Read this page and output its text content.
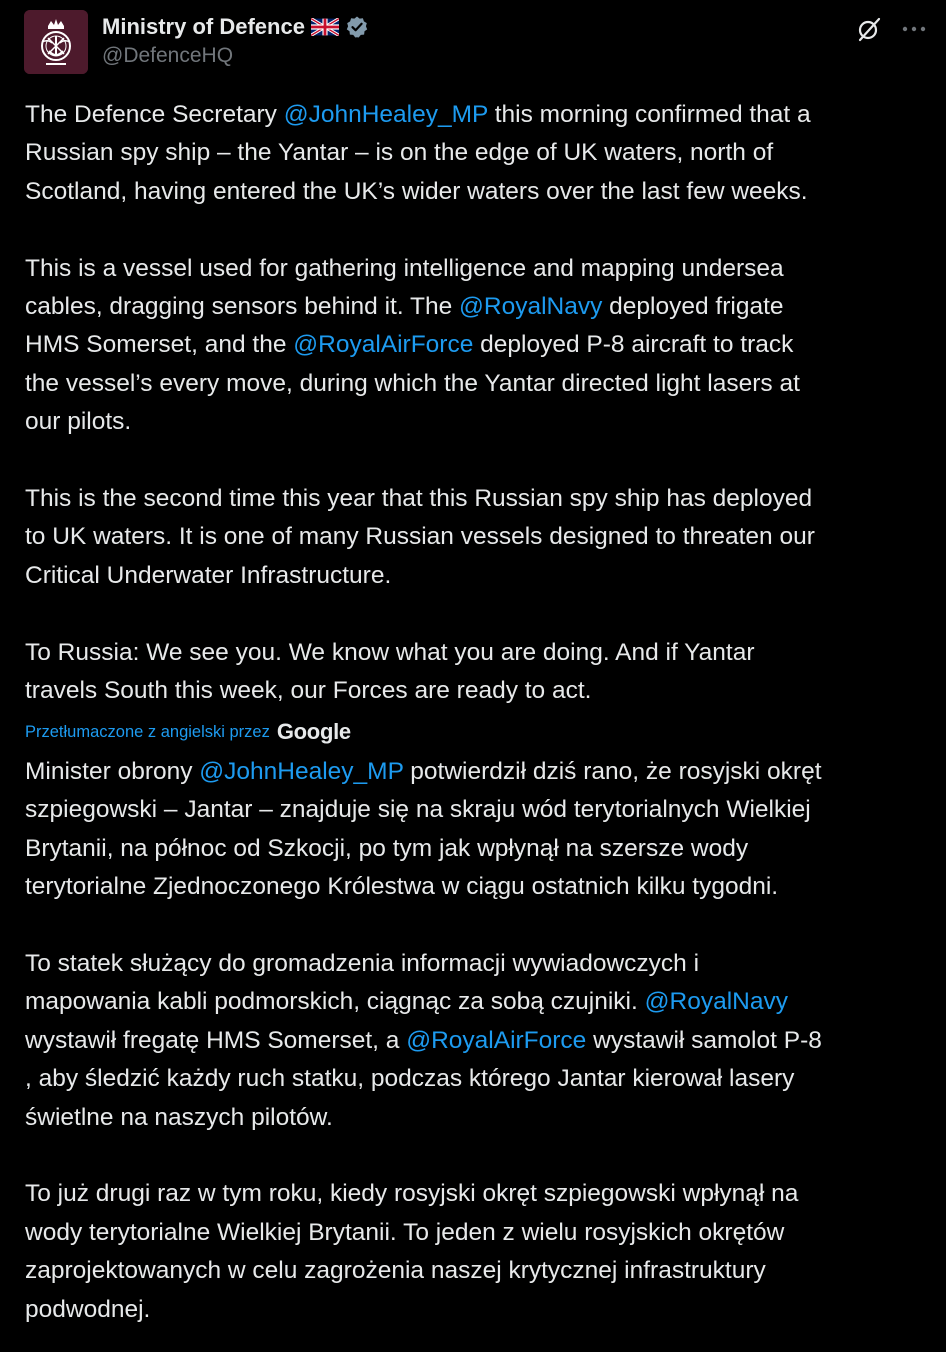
Ministry of Defence
@DefenceHQ
The Defence Secretary @JohnHealey_MP this morning confirmed that a
Russian spy ship – the Yantar – is on the edge of UK waters, north of
Scotland, having entered the UK’s wider waters over the last few weeks.
This is a vessel used for gathering intelligence and mapping undersea
cables, dragging sensors behind it. The @RoyalNavy deployed frigate
HMS Somerset, and the @RoyalAirForce deployed P-8 aircraft to track
the vessel’s every move, during which the Yantar directed light lasers at
our pilots.
This is the second time this year that this Russian spy ship has deployed
to UK waters. It is one of many Russian vessels designed to threaten our
Critical Underwater Infrastructure.
To Russia: We see you. We know what you are doing. And if Yantar
travels South this week, our Forces are ready to act.
Przetłumaczone z angielski przez Google
Minister obrony @JohnHealey_MP potwierdził dziś rano, że rosyjski okręt
szpiegowski – Jantar – znajduje się na skraju wód terytorialnych Wielkiej
Brytanii, na północ od Szkocji, po tym jak wpłynął na szersze wody
terytorialne Zjednoczonego Królestwa w ciągu ostatnich kilku tygodni.
To statek służący do gromadzenia informacji wywiadowczych i
mapowania kabli podmorskich, ciągnąc za sobą czujniki. @RoyalNavy
wystawił fregatę HMS Somerset, a @RoyalAirForce wystawił samolot P-8
, aby śledzić każdy ruch statku, podczas którego Jantar kierował lasery
świetlne na naszych pilotów.
To już drugi raz w tym roku, kiedy rosyjski okręt szpiegowski wpłynął na
wody terytorialne Wielkiej Brytanii. To jeden z wielu rosyjskich okrętów
zaprojektowanych w celu zagrożenia naszej krytycznej infrastruktury
podwodnej.
